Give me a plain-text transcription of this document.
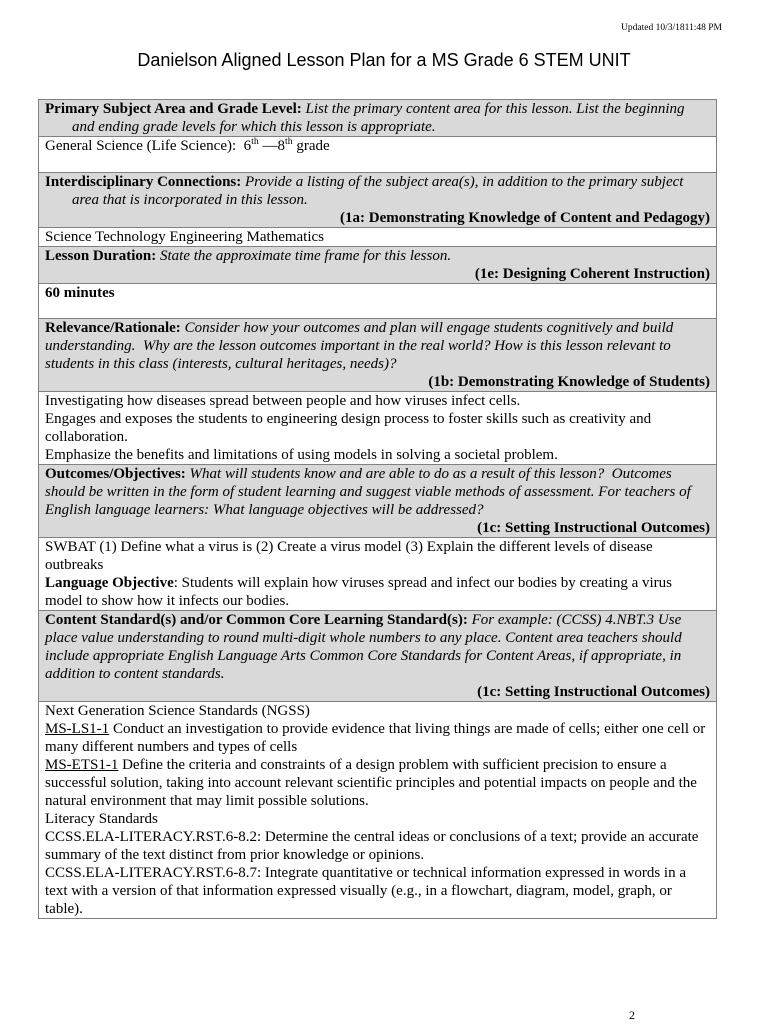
Updated 10/3/1811:48 PM
Danielson Aligned Lesson Plan for a MS Grade 6 STEM UNIT

Primary Subject Area and Grade Level: List the primary content area for this lesson. List the beginning and ending grade levels for which this lesson is appropriate.

General Science (Life Science):  6th —8th grade

Interdisciplinary Connections: Provide a listing of the subject area(s), in addition to the primary subject area that is incorporated in this lesson.

(1a: Demonstrating Knowledge of Content and Pedagogy)

Science Technology Engineering Mathematics

Lesson Duration: State the approximate time frame for this lesson.

(1e: Designing Coherent Instruction)

60 minutes

Relevance/Rationale: Consider how your outcomes and plan will engage students cognitively and build understanding.  Why are the lesson outcomes important in the real world? How is this lesson relevant to students in this class (interests, cultural heritages, needs)?

(1b: Demonstrating Knowledge of Students)

Investigating how diseases spread between people and how viruses infect cells.

Engages and exposes the students to engineering design process to foster skills such as creativity and collaboration.

Emphasize the benefits and limitations of using models in solving a societal problem.

Outcomes/Objectives: What will students know and are able to do as a result of this lesson?  Outcomes should be written in the form of student learning and suggest viable methods of assessment. For teachers of English language learners: What language objectives will be addressed?

(1c: Setting Instructional Outcomes)

SWBAT (1) Define what a virus is (2) Create a virus model (3) Explain the different levels of disease outbreaks

Language Objective: Students will explain how viruses spread and infect our bodies by creating a virus model to show how it infects our bodies.

Content Standard(s) and/or Common Core Learning Standard(s): For example: (CCSS) 4.NBT.3 Use place value understanding to round multi-digit whole numbers to any place. Content area teachers should include appropriate English Language Arts Common Core Standards for Content Areas, if appropriate, in addition to content standards.

(1c: Setting Instructional Outcomes)

Next Generation Science Standards (NGSS)

MS-LS1-1 Conduct an investigation to provide evidence that living things are made of cells; either one cell or many different numbers and types of cells

MS-ETS1-1 Define the criteria and constraints of a design problem with sufficient precision to ensure a successful solution, taking into account relevant scientific principles and potential impacts on people and the natural environment that may limit possible solutions.

Literacy Standards

CCSS.ELA-LITERACY.RST.6-8.2: Determine the central ideas or conclusions of a text; provide an accurate summary of the text distinct from prior knowledge or opinions.

CCSS.ELA-LITERACY.RST.6-8.7: Integrate quantitative or technical information expressed in words in a text with a version of that information expressed visually (e.g., in a flowchart, diagram, model, graph, or table).

2
